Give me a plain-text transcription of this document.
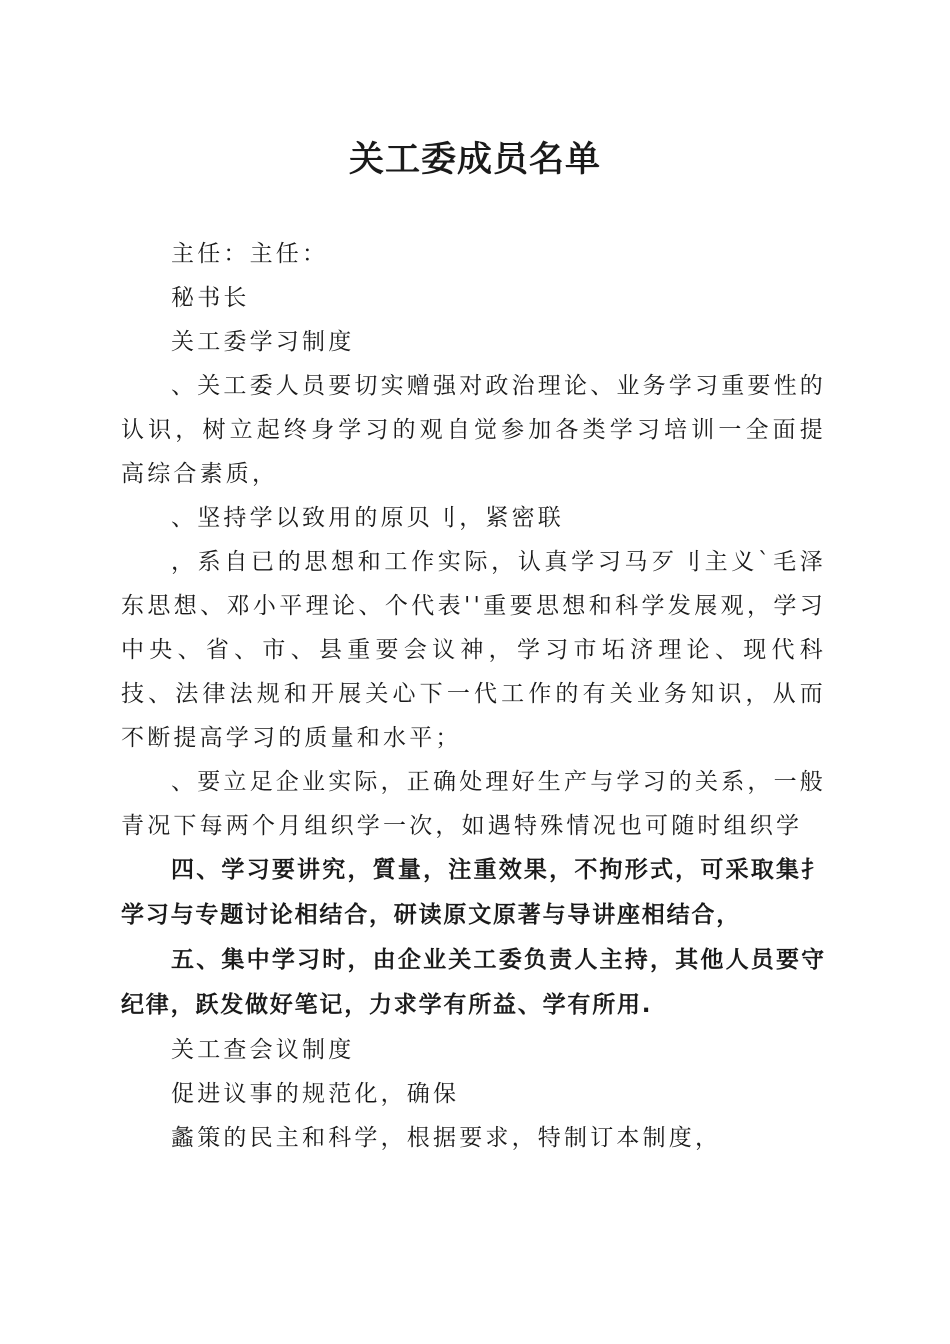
关工委成员名单

主任：主任：

秘书长

关工委学习制度

、关工委人员要切实赠强对政治理论、业务学习重要性的认识，树立起终身学习的观自觉参加各类学习培训一全面提高综合素质，

、坚持学以致用的原贝刂，紧密联

，系自已的思想和工作实际，认真学习马歹刂主义`毛泽东思想、邓小平理论、个代表''重要思想和科学发展观，学习中央、省、市、县重要会议神，学习市坧济理论、现代科技、法律法规和开展关心下一代工作的有关业务知识，从而不断提高学习的质量和水平；

、要立足企业实际，正确处理好生产与学习的关系，一般青况下每两个月组织学一次，如遇特殊情况也可随时组织学

四、学习要讲究，質量，注重效果，不拘形式，可采取集扌学习与专题讨论相结合，研读原文原著与导讲座相结合，

五、集中学习时，由企业关工委负责人主持，其他人员要守纪律，跃发做好笔记，力求学有所益、学有所用.

关工查会议制度

促进议事的规范化，确保

蠡策的民主和科学，根据要求，特制订本制度，
